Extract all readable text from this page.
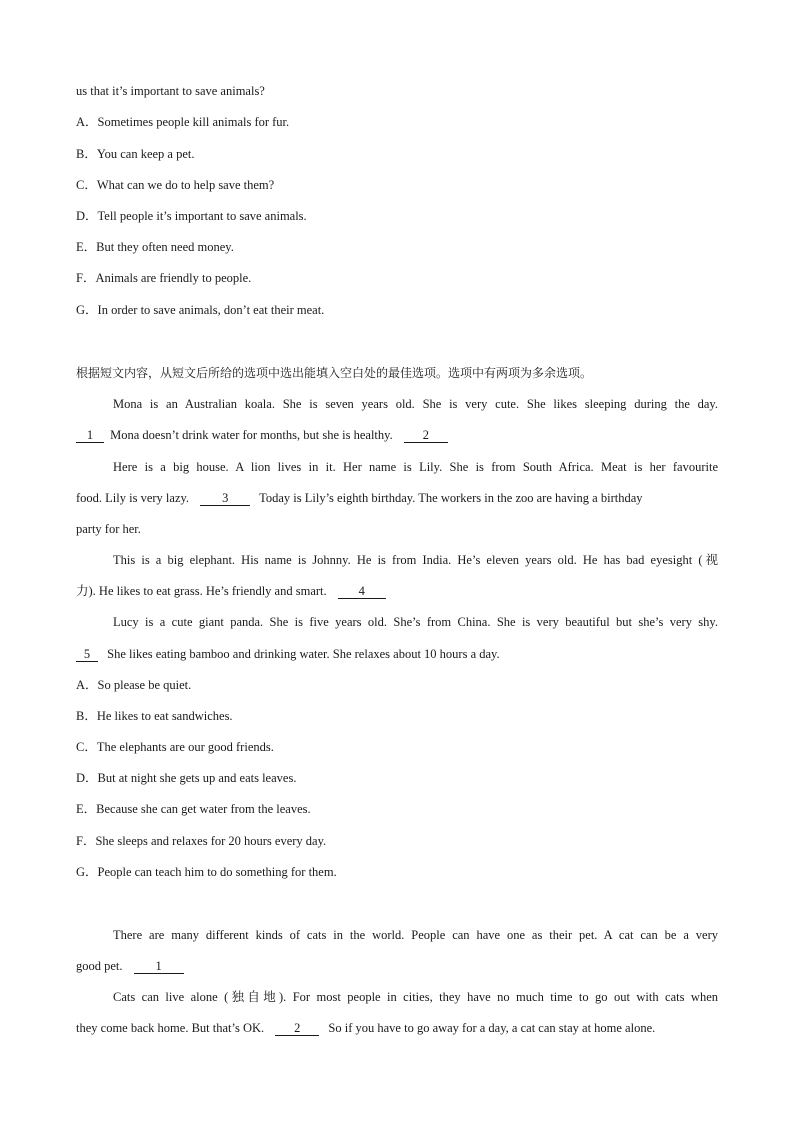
us that it’s important to save animals?
A．Sometimes people kill animals for fur.
B．You can keep a pet.
C．What can we do to help save them?
D．Tell people it’s important to save animals.
E．But they often need money.
F．Animals are friendly to people.
G．In order to save animals, don’t eat their meat.
根据短文内容，从短文后所给的选项中选出能填入空白处的最佳选项。选项中有两项为多余选项。
Mona is an Australian koala. She is seven years old. She is very cute. She likes sleeping during the day.
1 Mona doesn’t drink water for months, but she is healthy. 2
Here is a big house. A lion lives in it. Her name is Lily. She is from South Africa. Meat is her favourite
food. Lily is very lazy.	3 Today is Lily’s eighth birthday. The workers in the zoo are having a birthday
party for her.
This is a big elephant. His name is Johnny. He is from India. He’s eleven years old. He has bad eyesight (视
力). He likes to eat grass. He’s friendly and smart.	4
Lucy is a cute giant panda. She is five years old. She’s from China. She is very beautiful but she’s very shy.
5 She likes eating bamboo and drinking water. She relaxes about 10 hours a day.
A．So please be quiet.
B．He likes to eat sandwiches.
C．The elephants are our good friends.
D．But at night she gets up and eats leaves.
E．Because she can get water from the leaves.
F．She sleeps and relaxes for 20 hours every day.
G．People can teach him to do something for them.
There are many different kinds of cats in the world. People can have one as their pet. A cat can be a very
good pet.	1
Cats can live alone (独自地). For most people in cities, they have no much time to go out with cats when
they come back home. But that’s OK. 2 So if you have to go away for a day, a cat can stay at home alone.
